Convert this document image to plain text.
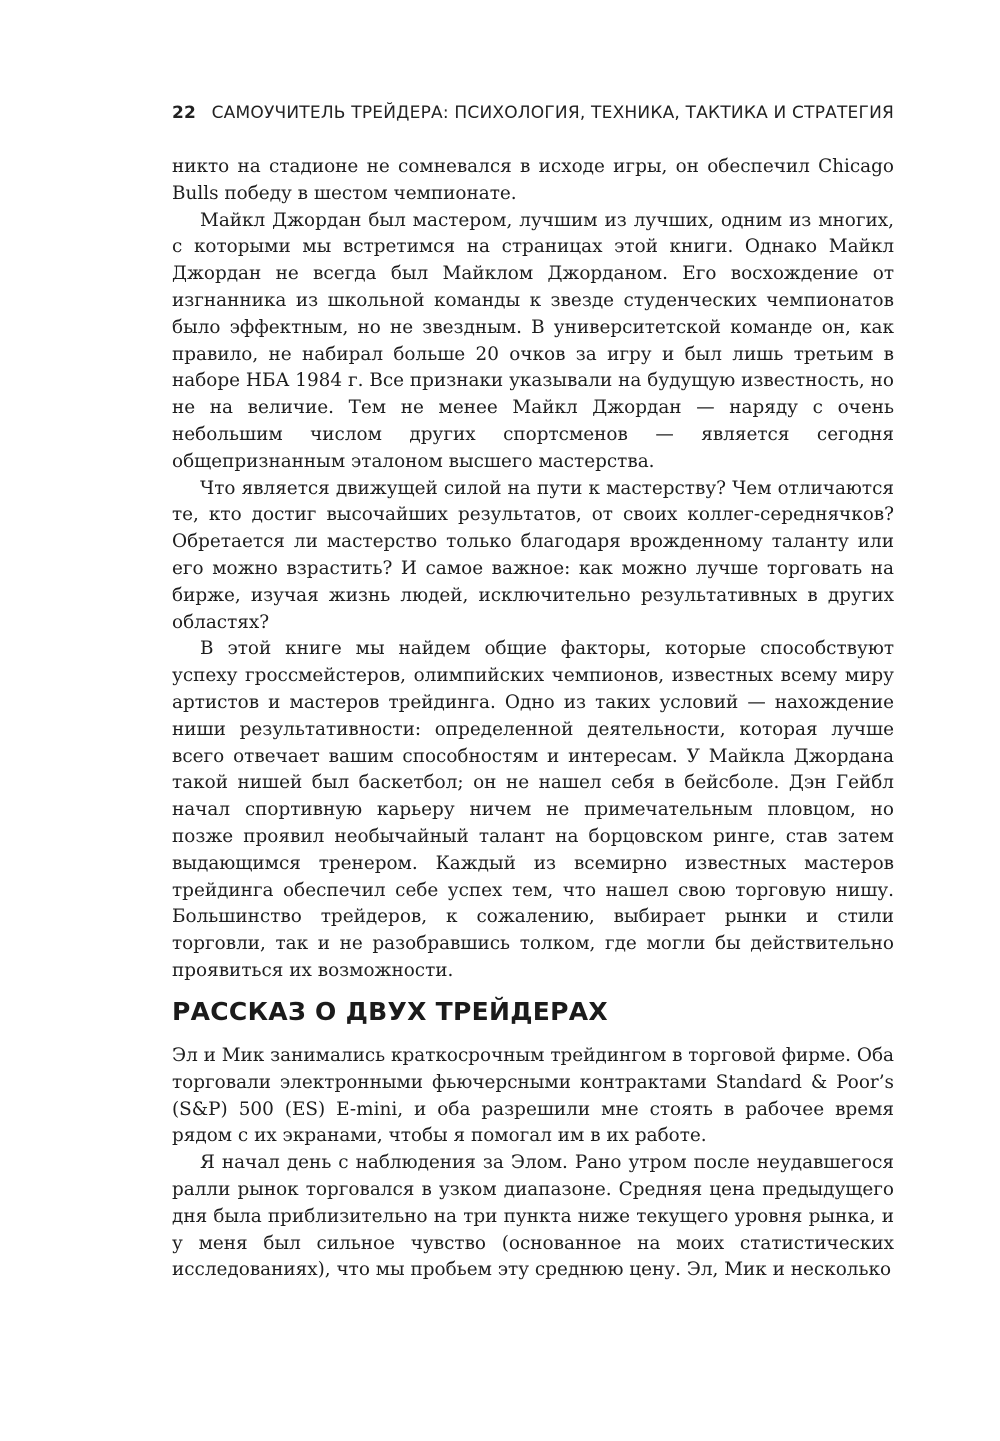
22 САМОУЧИТЕЛЬ ТРЕЙДЕРА: ПСИХОЛОГИЯ, ТЕХНИКА, ТАКТИКА И СТРАТЕГИЯ

никто на стадионе не сомневался в исходе игры, он обеспечил Chicago Bulls победу в шестом чемпионате.

Майкл Джордан был мастером, лучшим из лучших, одним из многих, с которыми мы встретимся на страницах этой книги. Однако Майкл Джордан не всегда был Майклом Джорданом. Его восхождение от изгнанника из школьной команды к звезде студенческих чемпионатов было эффектным, но не звездным. В университетской команде он, как правило, не набирал больше 20 очков за игру и был лишь третьим в наборе НБА 1984 г. Все признаки указывали на будущую известность, но не на величие. Тем не менее Майкл Джордан — наряду с очень небольшим числом других спортсменов — является сегодня общепризнанным эталоном высшего мастерства.

Что является движущей силой на пути к мастерству? Чем отличаются те, кто достиг высочайших результатов, от своих коллег-середнячков? Обретается ли мастерство только благодаря врожденному таланту или его можно взрастить? И самое важное: как можно лучше торговать на бирже, изучая жизнь людей, исключительно результативных в других областях?

В этой книге мы найдем общие факторы, которые способствуют успеху гроссмейстеров, олимпийских чемпионов, известных всему миру артистов и мастеров трейдинга. Одно из таких условий — нахождение ниши результативности: определенной деятельности, которая лучше всего отвечает вашим способностям и интересам. У Майкла Джордана такой нишей был баскетбол; он не нашел себя в бейсболе. Дэн Гейбл начал спортивную карьеру ничем не примечательным пловцом, но позже проявил необычайный талант на борцовском ринге, став затем выдающимся тренером. Каждый из всемирно известных мастеров трейдинга обеспечил себе успех тем, что нашел свою торговую нишу. Большинство трейдеров, к сожалению, выбирает рынки и стили торговли, так и не разобравшись толком, где могли бы действительно проявиться их возможности.

РАССКАЗ О ДВУХ ТРЕЙДЕРАХ

Эл и Мик занимались краткосрочным трейдингом в торговой фирме. Оба торговали электронными фьючерсными контрактами Standard & Poor’s (S&P) 500 (ES) E-mini, и оба разрешили мне стоять в рабочее время рядом с их экранами, чтобы я помогал им в их работе.

Я начал день с наблюдения за Элом. Рано утром после неудавшегося ралли рынок торговался в узком диапазоне. Средняя цена предыдущего дня была приблизительно на три пункта ниже текущего уровня рынка, и у меня был сильное чувство (основанное на моих статистических исследованиях), что мы пробьем эту среднюю цену. Эл, Мик и несколько
